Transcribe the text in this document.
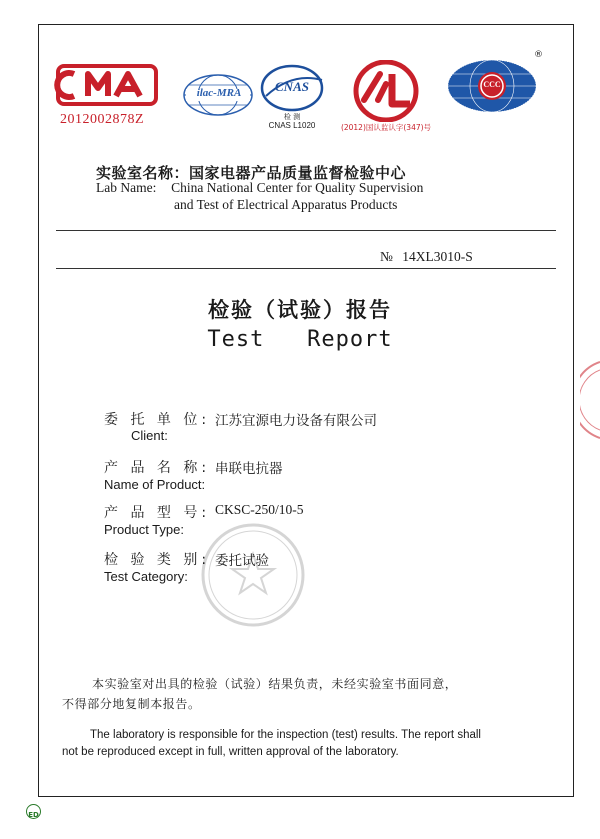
2012002878Z
ilac-MRA	CNAS
检 测
CNAS L1020	(2012)国认监认字(347)号
CCC
®
实验室名称：国家电器产品质量监督检验中心
Lab Name: China National Center for Quality Supervision
and Test of Electrical Apparatus Products
№ 14XL3010-S
检验（试验）报告
Test   Report
委 托 单 位: 江苏宜源电力设备有限公司
Client:
产 品 名 称: 串联电抗器
Name of Product:
产 品 型 号: CKSC-250/10-5
Product Type:
检 验 类 别: 委托试验
Test Category:
本实验室对出具的检验（试验）结果负责，未经实验室书面同意，
不得部分地复制本报告。
The laboratory is responsible for the inspection (test) results. The report shall
not be reproduced except in full, written approval of the laboratory.
ED
